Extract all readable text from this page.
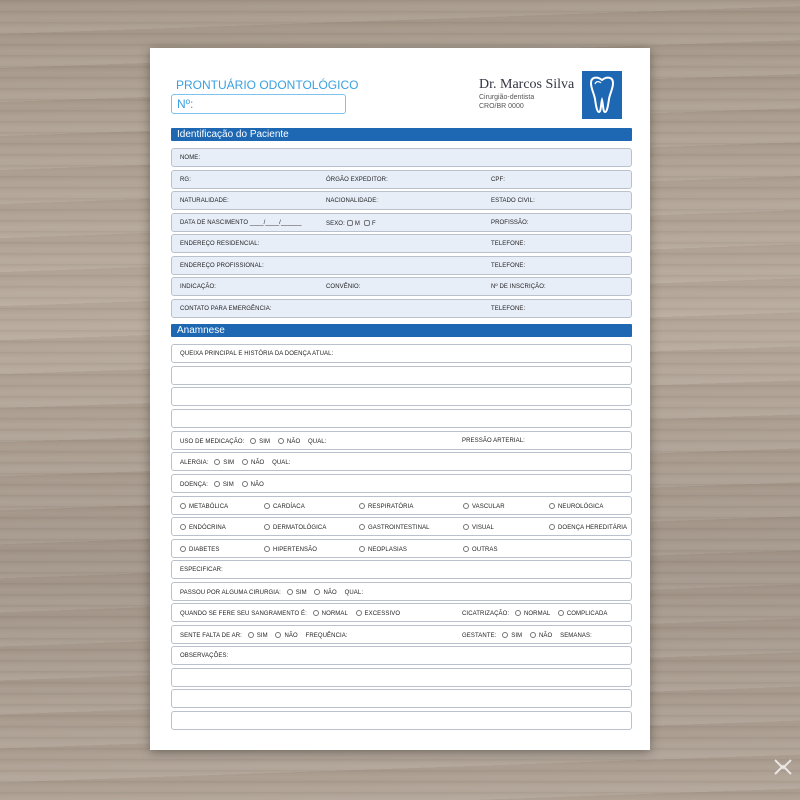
PRONTUÁRIO ODONTOLÓGICO
Nº:
Dr. Marcos Silva
Cirurgião-dentista
CRO/BR 0000
Identificação do Paciente
NOME:
RG:	ÓRGÃO EXPEDITOR:	CPF:
NATURALIDADE:	NACIONALIDADE:	ESTADO CIVIL:
DATA DE NASCIMENTO ____/____/______	SEXO: M F	PROFISSÃO:
ENDEREÇO RESIDENCIAL:	TELEFONE:
ENDEREÇO PROFISSIONAL:	TELEFONE:
INDICAÇÃO:	CONVÊNIO:	Nº DE INSCRIÇÃO:
CONTATO PARA EMERGÊNCIA:	TELEFONE:
Anamnese
QUEIXA PRINCIPAL E HISTÓRIA DA DOENÇA ATUAL:
USO DE MEDICAÇÃO: SIM	NÃO QUAL:	PRESSÃO ARTERIAL:
ALERGIA: SIM	NÃO QUAL:
DOENÇA: SIM	NÃO
METABÓLICA	CARDÍACA	RESPIRATÓRIA	VASCULAR	NEUROLÓGICA
ENDÓCRINA	DERMATOLÓGICA	GASTROINTESTINAL	VISUAL	DOENÇA HEREDITÁRIA
DIABETES	HIPERTENSÃO	NEOPLASIAS	OUTRAS
ESPECIFICAR:
PASSOU POR ALGUMA CIRURGIA: SIM	NÃO QUAL:
QUANDO SE FERE SEU SANGRAMENTO É: NORMAL	EXCESSIVO	CICATRIZAÇÃO: NORMAL	COMPLICADA
SENTE FALTA DE AR: SIM	NÃO FREQUÊNCIA:	GESTANTE: SIM	NÃO SEMANAS:
OBSERVAÇÕES:
